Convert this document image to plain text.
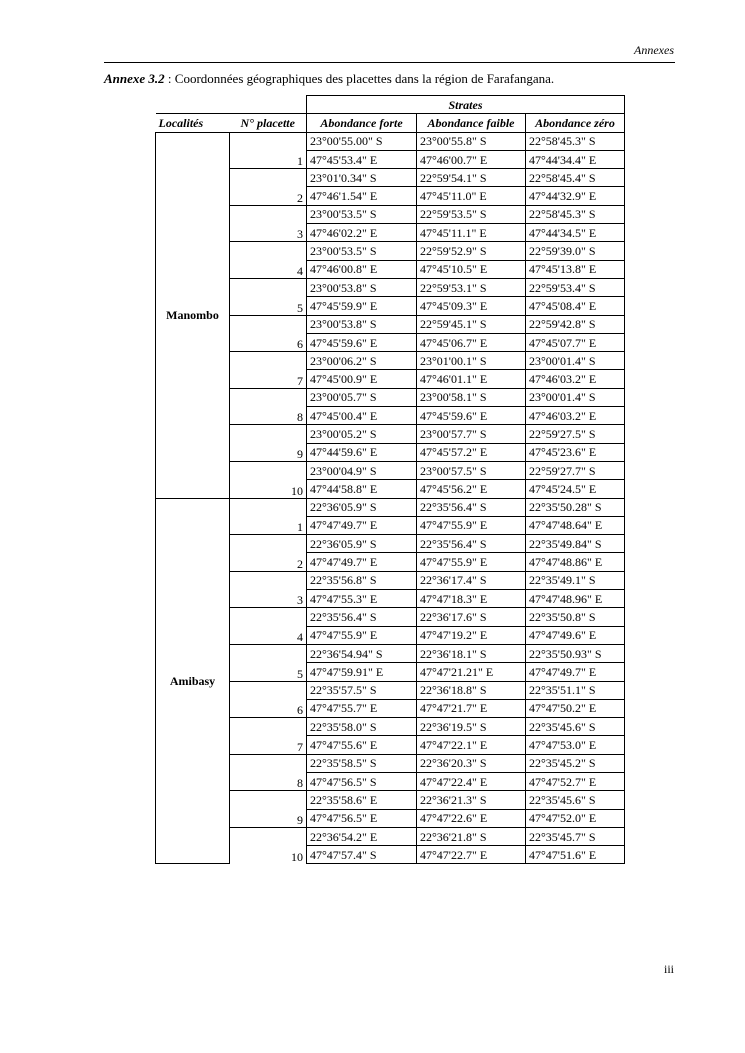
Annexes
Annexe 3.2 : Coordonnées géographiques des placettes dans la région de Farafangana.
		Strates		
Localités	N° placette	Abondance forte	Abondance faible	Abondance zéro
Manombo	1	23°00'55.00" S	23°00'55.8" S	22°58'45.3" S
		47°45'53.4" E	47°46'00.7" E	47°44'34.4" E
	2	23°01'0.34" S	22°59'54.1" S	22°58'45.4" S
		47°46'1.54" E	47°45'11.0" E	47°44'32.9" E
	3	23°00'53.5" S	22°59'53.5" S	22°58'45.3" S
		47°46'02.2" E	47°45'11.1" E	47°44'34.5" E
	4	23°00'53.5" S	22°59'52.9" S	22°59'39.0" S
		47°46'00.8" E	47°45'10.5" E	47°45'13.8" E
	5	23°00'53.8" S	22°59'53.1" S	22°59'53.4" S
		47°45'59.9" E	47°45'09.3" E	47°45'08.4" E
	6	23°00'53.8" S	22°59'45.1" S	22°59'42.8" S
		47°45'59.6" E	47°45'06.7" E	47°45'07.7" E
	7	23°00'06.2" S	23°01'00.1" S	23°00'01.4" S
		47°45'00.9" E	47°46'01.1" E	47°46'03.2" E
	8	23°00'05.7" S	23°00'58.1" S	23°00'01.4" S
		47°45'00.4" E	47°45'59.6" E	47°46'03.2" E
	9	23°00'05.2" S	23°00'57.7" S	22°59'27.5" S
		47°44'59.6" E	47°45'57.2" E	47°45'23.6" E
	10	23°00'04.9" S	23°00'57.5" S	22°59'27.7" S
		47°44'58.8" E	47°45'56.2" E	47°45'24.5" E
Amibasy	1	22°36'05.9" S	22°35'56.4" S	22°35'50.28" S
		47°47'49.7" E	47°47'55.9" E	47°47'48.64" E
	2	22°36'05.9" S	22°35'56.4" S	22°35'49.84" S
		47°47'49.7" E	47°47'55.9" E	47°47'48.86" E
	3	22°35'56.8" S	22°36'17.4" S	22°35'49.1" S
		47°47'55.3" E	47°47'18.3" E	47°47'48.96" E
	4	22°35'56.4" S	22°36'17.6" S	22°35'50.8" S
		47°47'55.9" E	47°47'19.2" E	47°47'49.6" E
	5	22°36'54.94" S	22°36'18.1" S	22°35'50.93" S
		47°47'59.91" E	47°47'21.21" E	47°47'49.7" E
	6	22°35'57.5" S	22°36'18.8" S	22°35'51.1" S
		47°47'55.7" E	47°47'21.7" E	47°47'50.2" E
	7	22°35'58.0" S	22°36'19.5" S	22°35'45.6" S
		47°47'55.6" E	47°47'22.1" E	47°47'53.0" E
	8	22°35'58.5" S	22°36'20.3" S	22°35'45.2" S
		47°47'56.5" S	47°47'22.4" E	47°47'52.7" E
	9	22°35'58.6" E	22°36'21.3" S	22°35'45.6" S
		47°47'56.5" E	47°47'22.6" E	47°47'52.0" E
	10	22°36'54.2" E	22°36'21.8" S	22°35'45.7" S
		47°47'57.4" S	47°47'22.7" E	47°47'51.6" E
iii
